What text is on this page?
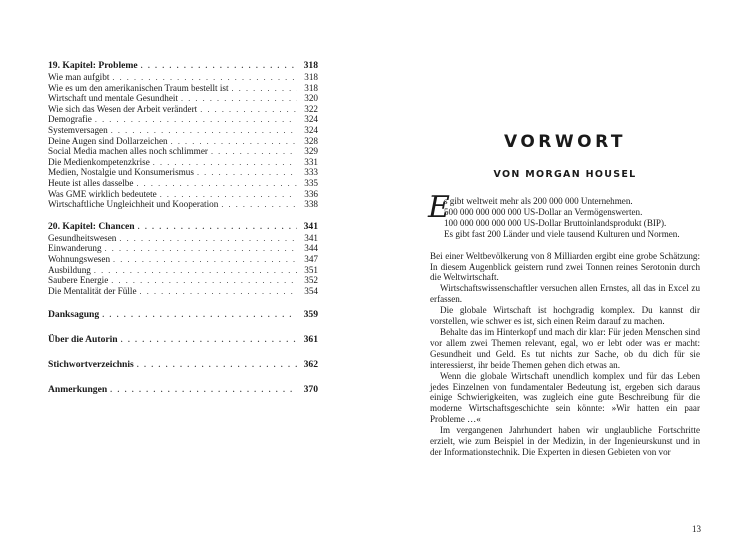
19. Kapitel: Probleme . . .	318
Wie man aufgibt . . .	318
Wie es um den amerikanischen Traum bestellt ist . . .	318
Wirtschaft und mentale Gesundheit . . .	320
Wie sich das Wesen der Arbeit verändert . . .	322
Demografie . . .	324
Systemversagen . . .	324
Deine Augen sind Dollarzeichen . . .	328
Social Media machen alles noch schlimmer . . .	329
Die Medienkompetenzkrise . . .	331
Medien, Nostalgie und Konsumerismus . . .	333
Heute ist alles dasselbe . . .	335
Was GME wirklich bedeutete . . .	336
Wirtschaftliche Ungleichheit und Kooperation . . .	338
20. Kapitel: Chancen . . .	341
Gesundheitswesen . . .	341
Einwanderung . . .	344
Wohnungswesen . . .	347
Ausbildung . . .	351
Saubere Energie . . .	352
Die Mentalität der Fülle . . .	354
Danksagung . . .	359
Über die Autorin . . .	361
Stichwortverzeichnis . . .	362
Anmerkungen . . .	370
VORWORT
VON MORGAN HOUSEL
E
s gibt weltweit mehr als 200 000 000 Unternehmen.
500 000 000 000 000 US-Dollar an Vermögenswerten.
100 000 000 000 000 US-Dollar Bruttoinlandsprodukt (BIP).
Es gibt fast 200 Länder und viele tausend Kulturen und Normen.

Bei einer Weltbevölkerung von 8 Milliarden ergibt eine grobe Schätzung: In diesem Augenblick geistern rund zwei Tonnen reines Serotonin durch die Weltwirtschaft.

Wirtschaftswissenschaftler versuchen allen Ernstes, all das in Excel zu erfassen.

Die globale Wirtschaft ist hochgradig komplex. Du kannst dir vorstellen, wie schwer es ist, sich einen Reim darauf zu machen.

Behalte das im Hinterkopf und mach dir klar: Für jeden Menschen sind vor allem zwei Themen relevant, egal, wo er lebt oder was er macht: Gesundheit und Geld. Es tut nichts zur Sache, ob du dich für sie interessierst, ihr beide Themen gehen dich etwas an.

Wenn die globale Wirtschaft unendlich komplex und für das Leben jedes Einzelnen von fundamentaler Bedeutung ist, ergeben sich daraus einige Schwierigkeiten, was zugleich eine gute Beschreibung für die moderne Wirtschaftsgeschichte sein könnte: »Wir hatten ein paar Probleme …«

Im vergangenen Jahrhundert haben wir unglaubliche Fortschritte erzielt, wie zum Beispiel in der Medizin, in der Ingenieurskunst und in der Informationstechnik. Die Experten in diesen Gebieten von vor

13
